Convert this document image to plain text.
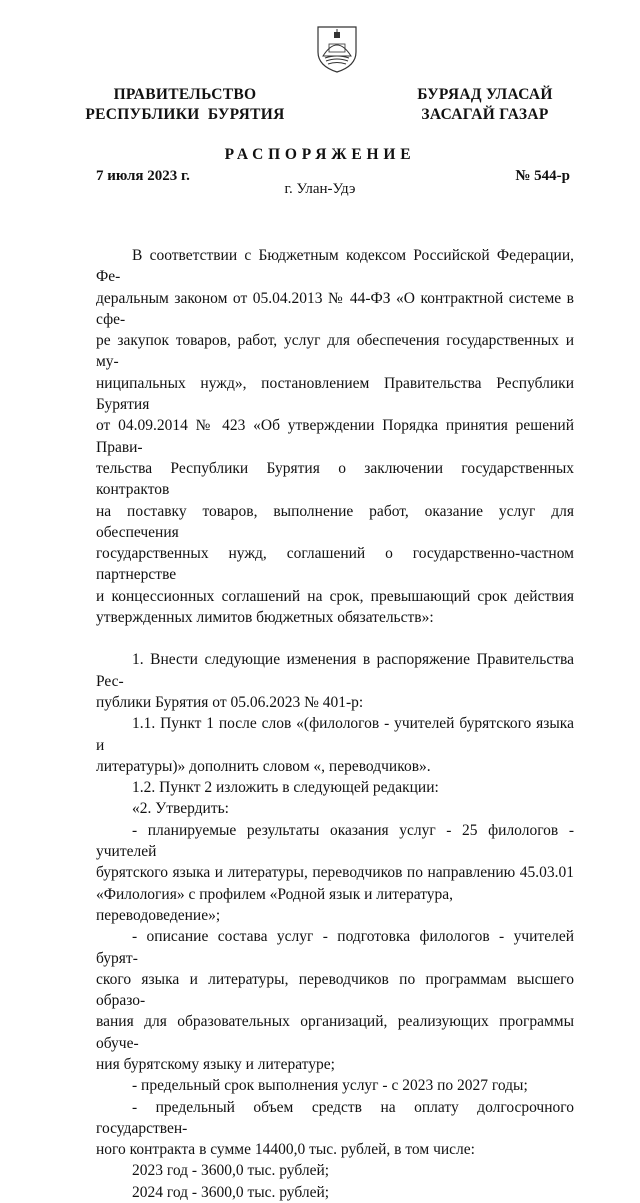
ПРАВИТЕЛЬСТВО
РЕСПУБЛИКИ  БУРЯТИЯ
БУРЯАД УЛАСАЙ
ЗАСАГАЙ ГАЗАР
РАСПОРЯЖЕНИЕ
7 июля 2023 г.	№ 544-р
г. Улан-Удэ

В соответствии с Бюджетным кодексом Российской Федерации, Фе-

деральным законом от 05.04.2013 № 44-ФЗ «О контрактной системе в сфе-

ре закупок товаров, работ, услуг для обеспечения государственных и му-

ниципальных нужд», постановлением Правительства Республики Бурятия

от 04.09.2014 № 423 «Об утверждении Порядка принятия решений Прави-

тельства Республики Бурятия о заключении государственных контрактов

на поставку товаров, выполнение работ, оказание услуг для обеспечения

государственных нужд, соглашений о государственно-частном партнерстве

и концессионных соглашений на срок, превышающий срок действия

утвержденных лимитов бюджетных обязательств»:

1. Внести следующие изменения в распоряжение Правительства Рес-

публики Бурятия от 05.06.2023 № 401-р:

1.1. Пункт 1 после слов «(филологов - учителей бурятского языка и

литературы)» дополнить словом «, переводчиков».

1.2. Пункт 2 изложить в следующей редакции:

«2. Утвердить:

- планируемые результаты оказания услуг - 25 филологов - учителей

бурятского языка и литературы, переводчиков по направлению 45.03.01

«Филология» с профилем «Родной язык и литература, переводоведение»;

- описание состава услуг - подготовка филологов - учителей бурят-

ского языка и литературы, переводчиков по программам высшего образо-

вания для образовательных организаций, реализующих программы обуче-

ния бурятскому языку и литературе;

- предельный срок выполнения услуг - с 2023 по 2027 годы;

- предельный объем средств на оплату долгосрочного государствен-

ного контракта в сумме 14400,0 тыс. рублей, в том числе:

2023 год - 3600,0 тыс. рублей;

2024 год - 3600,0 тыс. рублей;
